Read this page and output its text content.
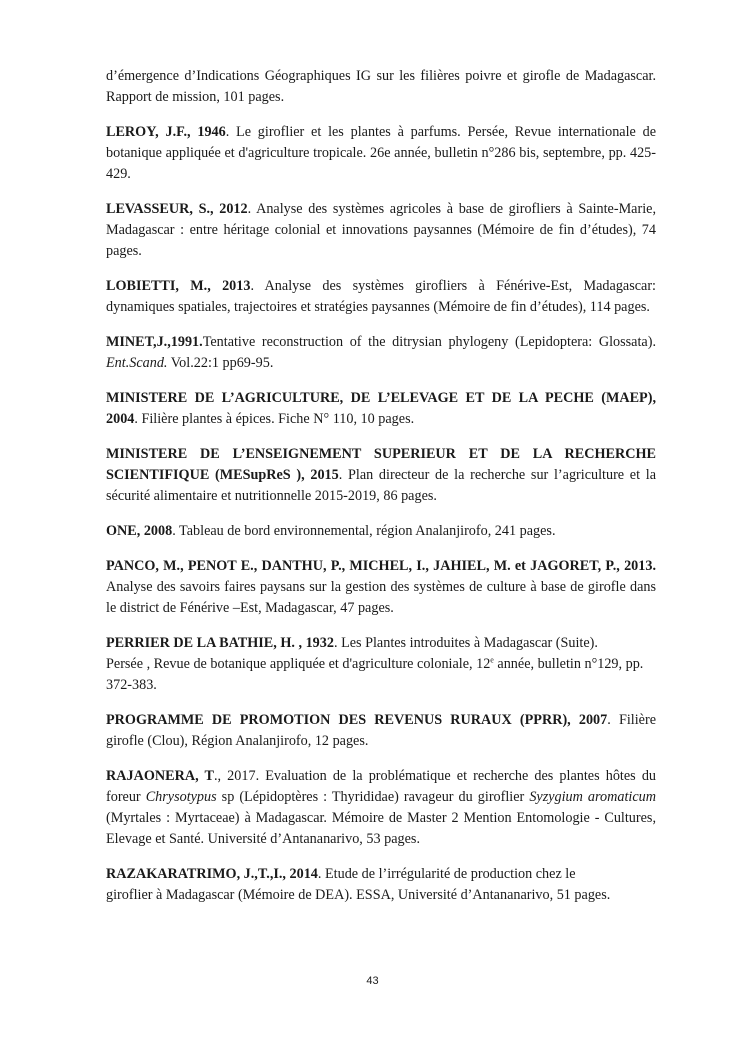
d’émergence d’Indications Géographiques IG sur les filières poivre et girofle de Madagascar. Rapport de mission, 101 pages.

LEROY, J.F., 1946. Le giroflier et les plantes à parfums. Persée, Revue internationale de botanique appliquée et d'agriculture tropicale. 26e année, bulletin n°286 bis, septembre, pp. 425-429.

LEVASSEUR, S., 2012. Analyse des systèmes agricoles à base de girofliers à Sainte-Marie, Madagascar : entre héritage colonial et innovations paysannes (Mémoire de fin d’études), 74 pages.

LOBIETTI, M., 2013. Analyse des systèmes girofliers à Fénérive-Est, Madagascar: dynamiques spatiales, trajectoires et stratégies paysannes (Mémoire de fin d’études), 114 pages.

MINET,J.,1991.Tentative reconstruction of the ditrysian phylogeny (Lepidoptera: Glossata). Ent.Scand. Vol.22:1 pp69-95.

MINISTERE DE L’AGRICULTURE, DE L’ELEVAGE ET DE LA PECHE (MAEP), 2004. Filière plantes à épices. Fiche N° 110, 10 pages.

MINISTERE DE L’ENSEIGNEMENT SUPERIEUR ET DE LA RECHERCHE SCIENTIFIQUE (MESupReS ), 2015. Plan directeur de la recherche sur l’agriculture et la sécurité alimentaire et nutritionnelle 2015-2019, 86 pages.

ONE, 2008. Tableau de bord environnemental, région Analanjirofo, 241 pages.

PANCO, M., PENOT E., DANTHU, P., MICHEL, I., JAHIEL, M. et JAGORET, P., 2013. Analyse des savoirs faires paysans sur la gestion des systèmes de culture à base de girofle dans le district de Fénérive –Est, Madagascar, 47 pages.

PERRIER DE LA BATHIE, H. , 1932. Les Plantes introduites à Madagascar (Suite).
Persée , Revue de botanique appliquée et d'agriculture coloniale, 12e année, bulletin n°129, pp. 372-383.

PROGRAMME DE PROMOTION DES REVENUS RURAUX (PPRR), 2007. Filière girofle (Clou), Région Analanjirofo, 12 pages.

RAJAONERA, T., 2017. Evaluation de la problématique et recherche des plantes hôtes du foreur Chrysotypus sp (Lépidoptères : Thyrididae) ravageur du giroflier Syzygium aromaticum (Myrtales : Myrtaceae) à Madagascar. Mémoire de Master 2 Mention Entomologie - Cultures, Elevage et Santé. Université d’Antananarivo, 53 pages.

RAZAKARATRIMO, J.,T.,I., 2014. Etude de l’irrégularité de production chez le
giroflier à Madagascar (Mémoire de DEA). ESSA, Université d’Antananarivo, 51 pages.

43
